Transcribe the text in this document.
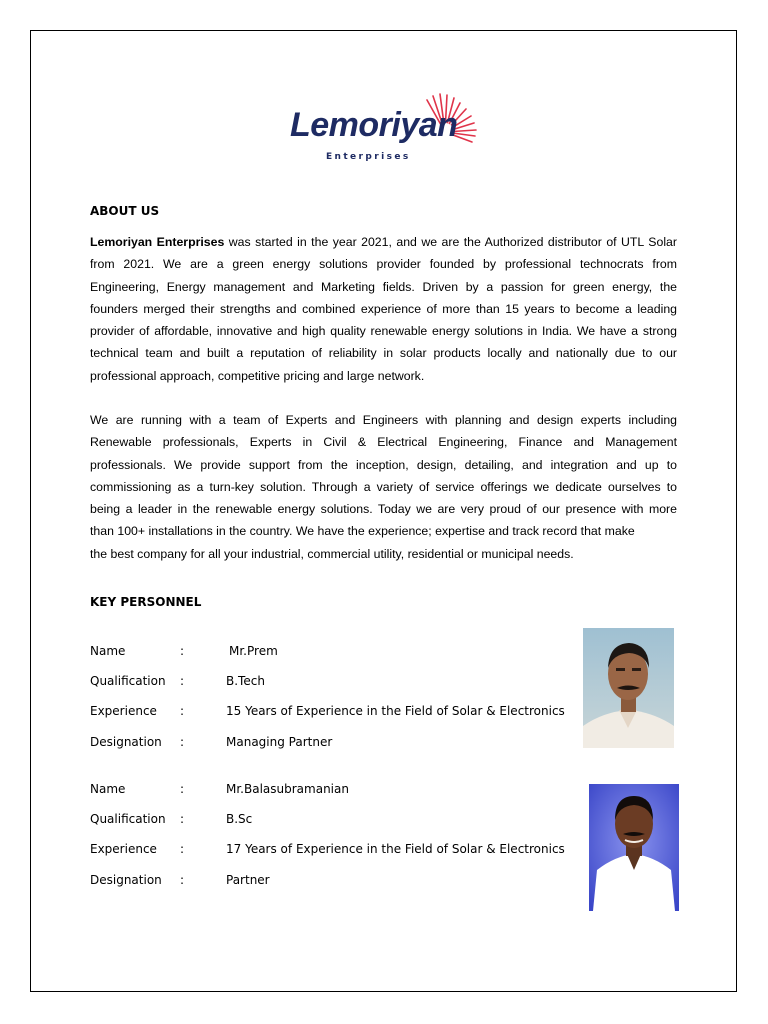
Lemoriyan
Enterprises
ABOUT US
Lemoriyan Enterprises was started in the year 2021, and we are the Authorized distributor of UTL Solar
from 2021. We are a green energy solutions provider founded by professional technocrats from
Engineering, Energy management and Marketing fields. Driven by a passion for green energy, the
founders merged their strengths and combined experience of more than 15 years to become a leading
provider of affordable, innovative and high quality renewable energy solutions in India. We have a strong
technical team and built a reputation of reliability in solar products locally and nationally due to our
professional approach, competitive pricing and large network.
We are running with a team of Experts and Engineers with planning and design experts including
Renewable professionals, Experts in Civil & Electrical Engineering, Finance and Management
professionals. We provide support from the inception, design, detailing, and integration and up to
commissioning as a turn-key solution. Through a variety of service offerings we dedicate ourselves to
being a leader in the renewable energy solutions. Today we are very proud of our presence with more
than 100+ installations in the country. We have the experience; expertise and track record that make
the best company for all your industrial, commercial utility, residential or municipal needs.
KEY PERSONNEL
Name	:	Mr.Prem
Qualification :	B.Tech
Experience :	15 Years of Experience in the Field of Solar & Electronics
Designation :	Managing Partner
Name	:	Mr.Balasubramanian
Qualification :	B.Sc
Experience :	17 Years of Experience in the Field of Solar & Electronics
Designation :	Partner
